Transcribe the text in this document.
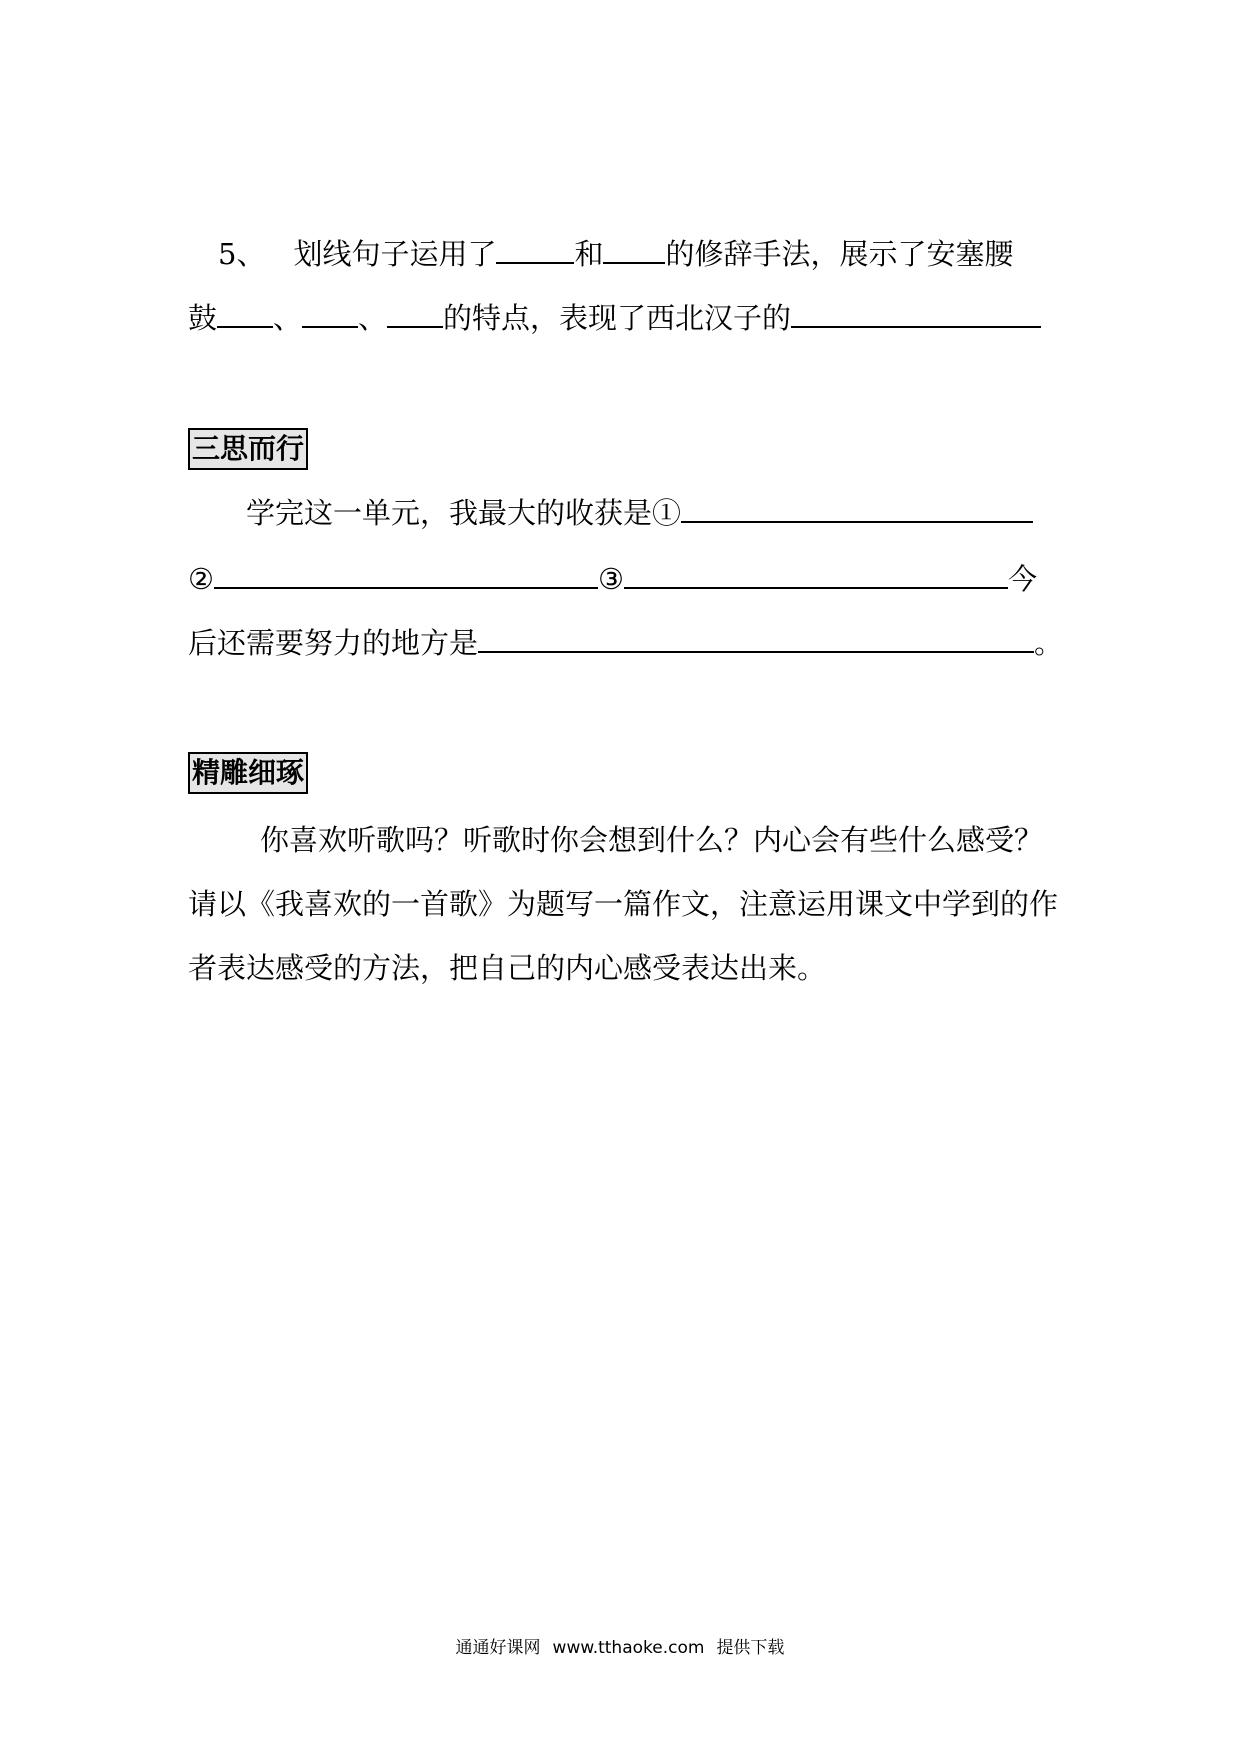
5、 划线句子运用了	和 的修辞手法，展示了安塞腰
鼓 、 、 的特点，表现了西北汉子的
三思而行
学完这一单元，我最大的收获是①
②	③	今
后还需要努力的地方是	。
精雕细琢
你喜欢听歌吗？听歌时你会想到什么？内心会有些什么感受？
请以《我喜欢的一首歌》为题写一篇作文，注意运用课文中学到的作
者表达感受的方法，把自己的内心感受表达出来。
通通好课网 www.tthaoke.com 提供下载
